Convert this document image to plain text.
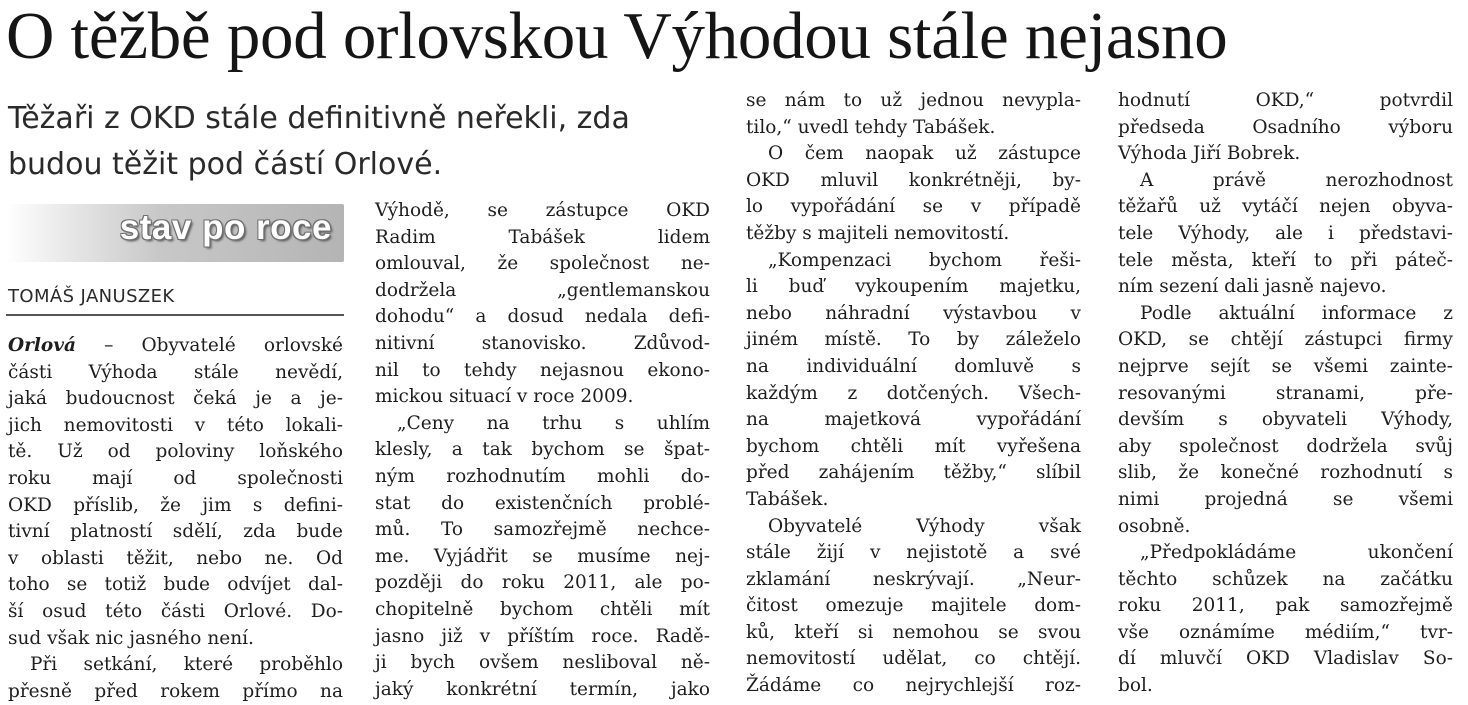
O těžbě pod orlovskou Výhodou stále nejasno
Těžaři z OKD stále definitivně neřekli, zda
budou těžit pod částí Orlové.
stav po roce
TOMÁŠ JANUSZEK

Orlová – Obyvatelé orlovské
části Výhoda stále nevědí,
jaká budoucnost čeká je a je-
jich nemovitosti v této lokali-
tě. Už od poloviny loňského
roku mají od společnosti
OKD příslib, že jim s defini-
tivní platností sdělí, zda bude
v oblasti těžit, nebo ne. Od
toho se totiž bude odvíjet dal-
ší osud této části Orlové. Do-
sud však nic jasného není.

Při setkání, které proběhlo

přesně před rokem přímo na

Výhodě, se zástupce OKD
Radim Tabášek lidem
omlouval, že společnost ne-
dodržela „gentlemanskou
dohodu“ a dosud nedala defi-
nitivní stanovisko. Zdůvod-
nil to tehdy nejasnou ekono-
mickou situací v roce 2009.

„Ceny na trhu s uhlím

klesly, a tak bychom se špat-
ným rozhodnutím mohli do-
stat do existenčních problé-
mů. To samozřejmě nechce-
me. Vyjádřit se musíme nej-
později do roku 2011, ale po-
chopitelně bychom chtěli mít
jasno již v příštím roce. Radě-
ji bych ovšem nesliboval ně-
jaký konkrétní termín, jako

se nám to už jednou nevypla-
tilo,“ uvedl tehdy Tabášek.

O čem naopak už zástupce

OKD mluvil konkrétněji, by-
lo vypořádání se v případě
těžby s majiteli nemovitostí.

„Kompenzaci bychom řeši-

li buď vykoupením majetku,
nebo náhradní výstavbou v
jiném místě. To by záleželo
na individuální domluvě s
každým z dotčených. Všech-
na majetková vypořádání
bychom chtěli mít vyřešena
před zahájením těžby,“ slíbil
Tabášek.

Obyvatelé Výhody však

stále žijí v nejistotě a své
zklamání neskrývají. „Neur-
čitost omezuje majitele dom-
ků, kteří si nemohou se svou
nemovitostí udělat, co chtějí.
Žádáme co nejrychlejší roz-

hodnutí OKD,“ potvrdil
předseda Osadního výboru
Výhoda Jiří Bobrek.

A právě nerozhodnost

těžařů už vytáčí nejen obyva-
tele Výhody, ale i představi-
tele města, kteří to při páteč-
ním sezení dali jasně najevo.

Podle aktuální informace z

OKD, se chtějí zástupci firmy
nejprve sejít se všemi zainte-
resovanými stranami, pře-
devším s obyvateli Výhody,
aby společnost dodržela svůj
slib, že konečné rozhodnutí s
nimi projedná se všemi
osobně.

„Předpokládáme ukončení

těchto schůzek na začátku
roku 2011, pak samozřejmě
vše oznámíme médiím,“ tvr-
dí mluvčí OKD Vladislav So-
bol.
